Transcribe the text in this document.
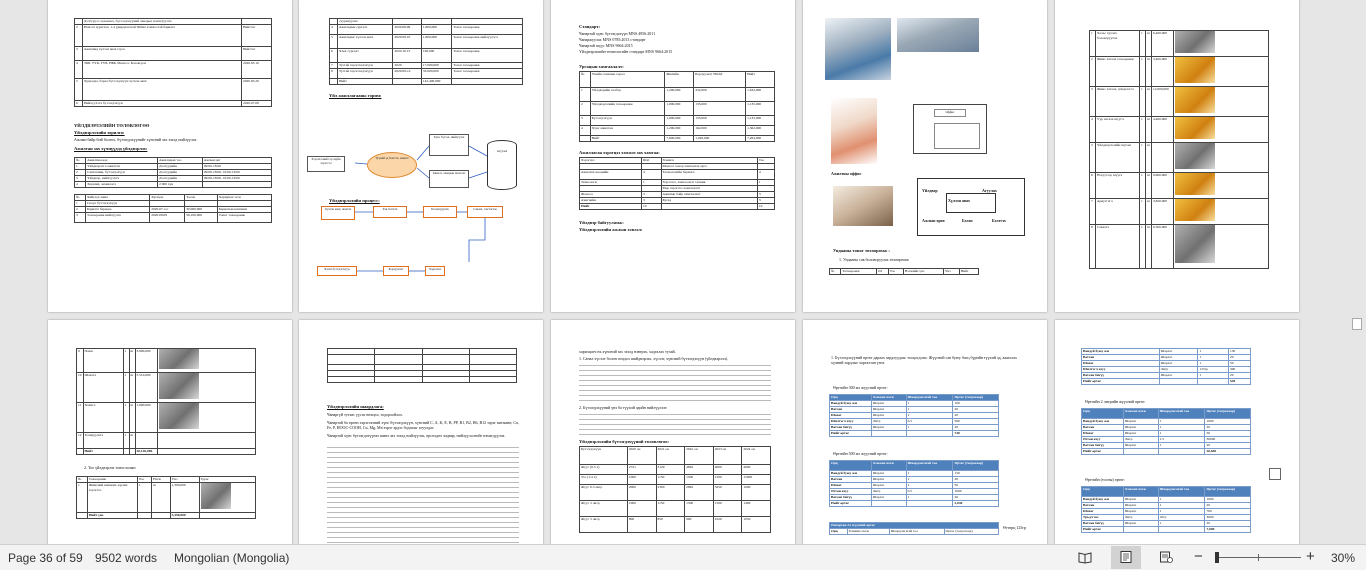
	Дэлгүүрээ төлөвлөх, бүтээгдэхүүний чанарыг нэмэгдүүлэх	
2	Нэмэлт зураглал, 1-4 удирдлагатай 300м2 хэмжээтэй барилга	Нийтлэг
3	Ажилчид хүлээн авах гэрээ	Нийтлэг
4	ТББ, ТҮК, ТҮБ, НББ, Монгол, Боловсрол	2020.03.10
5	Худалдаа, бараа бүтээгдэхүүн хүлээн авах	2020.05.20
6	Нийлүүлэгч бүтээгдэхүүн	2020.07.08
ҮЙЛДВЭРЛЭЛИЙН ТӨЛӨВЛӨГӨӨ
Үйлдвэрлэлийн зорилго:
Ажлын байр бий болгох, бүтээгдэхүүнийг хүнсний зах зээлд нийлүүлэх.
Ажилтан зах хүчнүүдэд үйлдвэрлэх:
№	Ажилтны код	Ажилчдын тоо	Ажлын цаг
1	Үйлдвэрлэгч ажилтан	Дэлгүүрийн	09:00-18:00
2	Сантехник, бүтээгдэхүүн	Дэлгүүрийн	09:00-18:00, 10:00-16:00
3	Үйлдвэр, нийлүүлэгч	Дэлгүүрийн	09:00-18:00, 10:00-16:00
4	Хорших, захиалагч	2 000 хүн	
№	Хийгдэх ажил	Хугацаа	Төсөв	Хариуцах эзэн
1	Спорт бүтээгдэхүүн			
2	Барилга барьцаа	2020.07-ээс	30,000,000	Барилгын компани
3	Төхөөрөмж нийлүүлэх	2020.08.09	56,100,000	Тоног төхөөрөмж
	суурилуулах			
4	Ажилчдын сургалт	2020.08.09	1,800,000	Тоног төхөөрөмж
5	Ажилчдыг хүлээн авах	2020.09.10	1,800,000	Тоног төхөөрөмж нийлүүлэгч
6	ХАА сургалт	2020.10.15	100,000	Тоног төхөөрөмж
7	Тусгай хэрэглэгдэхүүн	2020	17,000,000	Тоног төхөөрөмж
8	Тусгай хэрэглэгдэхүүн	2020.09-12	33,000,000	Тоног төхөөрөмж
	Нийт		142,400,000	
Үйл ажиллагааны горим:
Хэрэглээний гэр ахуйн хэрэгсэл
Түүхий эд бэлтгэх, хяналт
Хүнс бүтээх, нийлүүлэх
Хяналт, чанарын шалгалт
Агуулах
Үйлдвэрлэлийн процесс:
Хүлээн авах, шалгах	Хэв бэлтгэх	Боловсруулах	Савлах, сав баглаа
Бэлэн бүтээгдэхүүн	Борлуулалт	Хадгалах
Стандарт:
Чанартай хүнс бүтээгдэхүүн MNS 4956:2011
Чанаржуулах MNS 0785:2013 стандарт
Чанартай шүүс MNS 9664:2015
Үйлдвэрлэлийн технологийн стандарт MNS 9664:2015
Ургацын хамгаалалт:
№	Үнийн саналын төрөл	Жилийн	Борлуулалт НӨАТ	Нийт
1	Үйлдвэрийн хэлбэр	1,200,000	432,000	1,632,000
2	Үйлдвэрлэлийн төхөөрөмж	1,000,000	135,000	1,135,000
3	Бүтээгдэхүүн	1,000,000	135,000	1,135,000
4	Хүнс ажилтан	1,200,000	162,000	1,362,000
	Нийт	7,600,000	1,026,000	7,264,000
Ажиллагаа хэрэгцээ хэмжээ зах хамгаа:
Хэрэгцээ	Шат	Хэмжээ	Тоо
		Монгол сонор хамгаалах арга	
Ажиллах нөөцийн	4	Технологийн барилга	4
Технологи	1	Хэрэглээ, хамгаалалт техник	1
		Мөр хэрэглээ хамгаалалт	
Жолооч	3	Ажилын байр хамгаалалт	3
Ачигчийн	3	Бусад	3
Нийт	10		10
Үйлдвэр байгууламж:
Үйлдвэрлэлийн ажлын хэвлэл:
Оффис
Ажилтны оффис
Үйлдвэр	Агуулах
Хүлээн авах
Ажлын өрөө	Бэлэн	Бэлтгэх
Ундааны тоног төхөөрөмж :
1. Ундааны сав боловсруулах төхөөрөмж
№	Төхөөрөмж	Ш	Тоо	Нэгжийн үнэ	Үнэ	Нийт
1	Хальс хуулах боловсруулах	1	ш	6,400,000	
2	Жимс хатаах төхөөрөмж	1	ш	3,400,000	
3	Жимс хатаах, цэвэрлэгээ	1	ш	12,000,000	
4	Уур хатаах шүүгч	1	ш	4,400,000	
5	Үйлдвэрлэлийн шугам	1	ш		
6	Нэгдүгээр шүүгч	1	ш	9,600,000	
7	Ариутгагч	1	ш	3,820,000	
8	Савлагч	1	ш	6,500,000	
9	Пааш	1	ш	3,900,000	
10	Шахагч	1	ш	5,510,000	
11	Холигч	1	ш	1,800,000	
12	Тохируулагч	1	ш		
	Нийт			20,120,000	
2. Тоо үйлдвэрлэх тоноглолын
№	Төхөөрөмж	Тоо	Нэгж	Үнэ	Зураг
1	Жимсний шилжих зорчих хэрэглээ	1	ш	1,300,000	
	Нийт үнэ			3,350,000	

Үйлдвэрлэлийн шаардлага:
Чанаргүй тутаас үүсэх нөхцөл, тодорхойлох.
Чанартай ба өргөн хэрэглээний хүнс бүтээгдэхүүн, хүнсний C, A, K, E, B, PP, B1, B2, B6, B12 зэрэг витамин, Ca, Fe, P, HOOC-COOH, Cu, Mg, Mn зэрэг эрдэс бодисыг агуулдаг.
Чанартай хүнс бүтээгдэхүүнээ шинэ зах зээлд нийлүүлэх, өрсөлдөх чадвар, нийлүүлэлтийг нэмэгдүүлэх.
харилцагч нь хүнсний зах зээлд нэвтрэх, хадгалах тухай.
1. Санал хүсэлт болон гомдол шийдвэрлэх, хүсэлт, хүнсний бүтээгдэхүүн (үйлдвэрлэл).
2. Бүтээгдэхүүний үнэ ба түүхий эдийн нийлүүлэлт.
Үйлдвэрлэлийн бүтээгдэхүүний төлөвлөгөө:
Бүтээгдэхүүн	2020 он	2021 он	2022 он	2023 он	2024 он
Жүүс (0.5 л)	2721	3129	4862	4000	4000
Тос (1/4 л)	1000	1150	1500	1500	15000
Жүүс 0.3 литр	2000	2300	2862	3250	1000
Жүүс 2 литр	1000	1150	1500	1500	1400
Жүүс 5 литр	800	850	900	1020	1050
1. Бүтээгдэхүүний өртөг дараах зардлуудаас тооцогдоно. Жүүсний сав буюу багц бүрийн түүхий эд, ажиллах хүчний зардлыг харгалзан үзнэ.
Өртгийн 300 мл жүүсний өртөг:
Орц	Хэмжих нэгж	Шаардлагатай тоо	Өртөг (төгрөгөөр)
Вандуй буюу жм	Шарлаг	1	100
Ватсан	Шарлаг	1	20
Шахаг	Шарлаг	1	20
Шилтэгч ахуу	Литр	0.5	500
Ватсан битүү	Шарлаг	1	20
Нийт өртөг			740
Өртгийн 500 мл жүүсний өртөг:
Орц	Хэмжих нэгж	Шаардлагатай тоо	Өртөг (төгрөгөөр)
Вандуй буюу жм	Шарлаг	1	150
Ватсан	Шарлаг	1	20
Шахаг	Шарлаг	1	50
Өтгөн ахуу	Литр	0.5	1000
Ватсан битүү	Шарлаг	1	20
Нийт өртөг			2,040
Өнгөрсөн 2л жүүсний өртөг
Орц	Хэмжих нэгж	Шаардлагатай тоо	Өртөг (төгрөгөөр)
Өгтөрц 125гр
Вандуй буюу жм	Шарлаг	1	150
Ватсан	Шарлаг	1	20
Шахаг	Шарлаг	1	50
Шилтэгч ахуу	Литр	125гр	300
Ватсан битүү	Шарлаг	1	20
Нийт өртөг			540
Өртгийн 2 литрийн жүүсний өртөг:
Орц	Хэмжих нэгж	Шаардлагатай тоо	Өртөг (төгрөгөөр)
Вандуй буюу жм	Шарлаг	1	1000
Ватсан	Шарлаг	1	20
Шахаг	Шарлаг	1	50
Өтгөн ахуу	Литр	1.5	30000
Ватсан битүү	Шарлаг	1	20
Нийт өртөг			20,650
Өртгийн (тосны) өртөг:
Орц	Хэмжих нэгж	Шаардлагатай тоо	Өртөг (төгрөгөөр)
Вандуй буюу жм	Шарлаг	1	1000
Ватсан	Шарлаг	1	20
Шахаг	Шарлаг	1	700
Урьдч тос	Литр	10гр	3000
Ватсан битүү	Шарлаг	1	20
Нийт өртөг			7,000
Page 36 of 59 9502 words Mongolian (Mongolia)	−	+ 30%
